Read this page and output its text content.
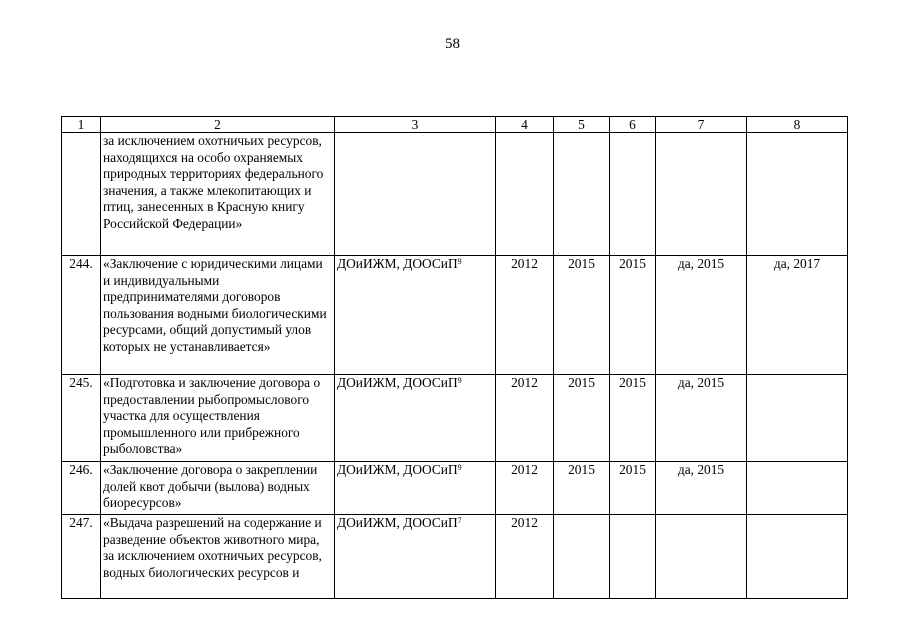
58
1	2	3	4	5	6	7	8
	за исключением охотничьих ресурсов, находящихся на особо охраняемых природных территориях федерального значения, а также млекопитающих и птиц, занесенных в Красную книгу Российской Федерации»						
244.	«Заключение с юридическими лицами и индивидуальными предпринимателями договоров пользования водными биологическими ресурсами, общий допустимый улов которых не устанавливается»	ДОиИЖМ, ДООСиП$^9$	2012	2015	2015	да, 2015	да, 2017
245.	«Подготовка и заключение договора о предоставлении рыбопромыслового участка для осуществления промышленного или прибрежного рыболовства»	ДОиИЖМ, ДООСиП$^9$	2012	2015	2015	да, 2015	
246.	«Заключение договора о закреплении долей квот добычи (вылова) водных биоресурсов»	ДОиИЖМ, ДООСиП$^9$	2012	2015	2015	да, 2015	
247.	«Выдача разрешений на содержание и разведение объектов животного мира, за исключением охотничьих ресурсов, водных биологических ресурсов и	ДОиИЖМ, ДООСиП$^7$	2012				
